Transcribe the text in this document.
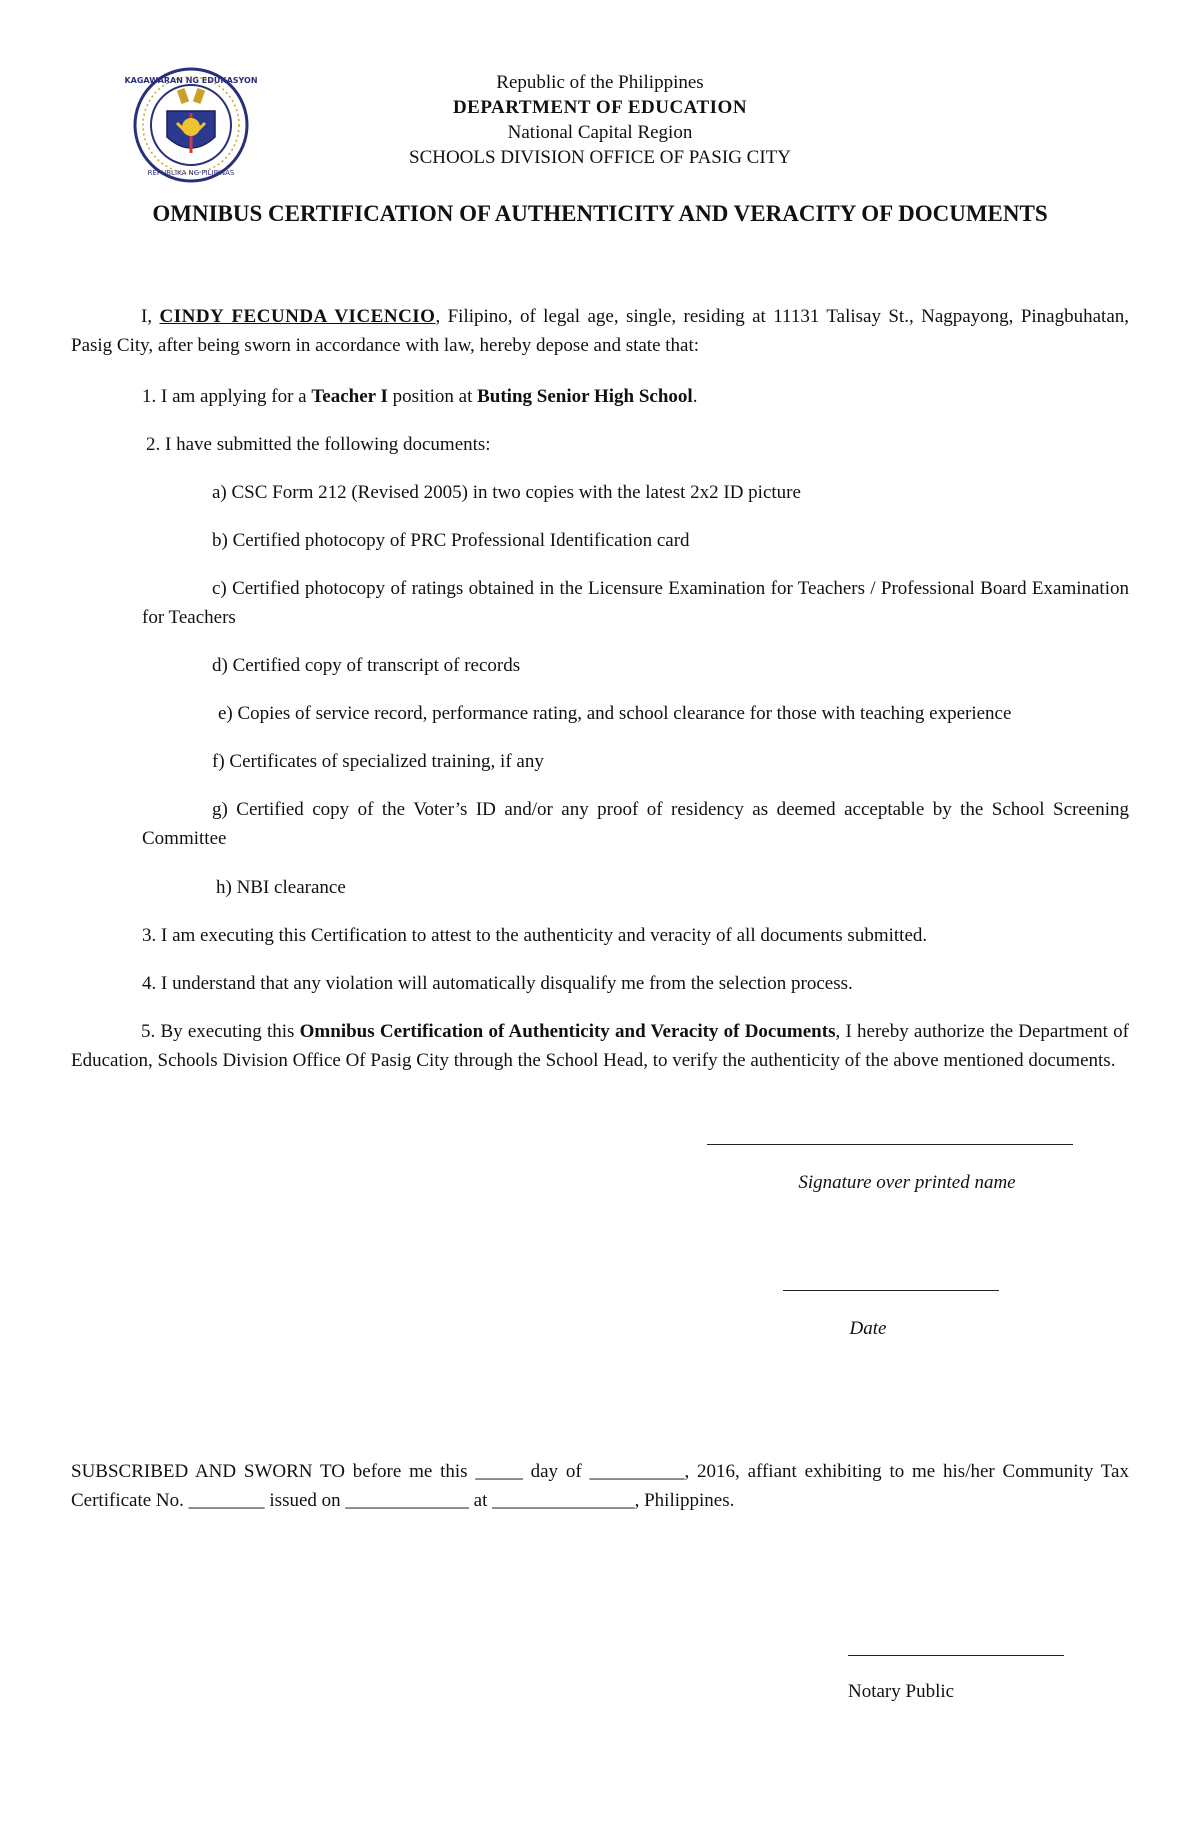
KAGAWARAN NG EDUKASYON
REPUBLIKA NG PILIPINAS
Republic of the Philippines
DEPARTMENT OF EDUCATION
National Capital Region
SCHOOLS DIVISION OFFICE OF PASIG CITY
OMNIBUS CERTIFICATION OF AUTHENTICITY AND VERACITY OF DOCUMENTS
I, CINDY FECUNDA VICENCIO, Filipino, of legal age, single, residing at 11131 Talisay St., Nagpayong, Pinagbuhatan, Pasig City, after being sworn in accordance with law, hereby depose and state that:
1. I am applying for a Teacher I position at Buting Senior High School.
2. I have submitted the following documents:
a) CSC Form 212 (Revised 2005) in two copies with the latest 2x2 ID picture
b) Certified photocopy of PRC Professional Identification card
c) Certified photocopy of ratings obtained in the Licensure Examination for Teachers / Professional Board Examination for Teachers
d) Certified copy of transcript of records
e) Copies of service record, performance rating, and school clearance for those with teaching experience
f) Certificates of specialized training, if any
g) Certified copy of the Voter’s ID and/or any proof of residency as deemed acceptable by the School Screening Committee
h) NBI clearance
3. I am executing this Certification to attest to the authenticity and veracity of all documents submitted.
4. I understand that any violation will automatically disqualify me from the selection process.
5. By executing this Omnibus Certification of Authenticity and Veracity of Documents, I hereby authorize the Department of Education, Schools Division Office Of Pasig City through the School Head, to verify the authenticity of the above mentioned documents.
Signature over printed name
Date
SUBSCRIBED AND SWORN TO before me this _____ day of __________, 2016, affiant exhibiting to me his/her Community Tax Certificate No. ________ issued on _____________ at _______________, Philippines.
Notary Public
